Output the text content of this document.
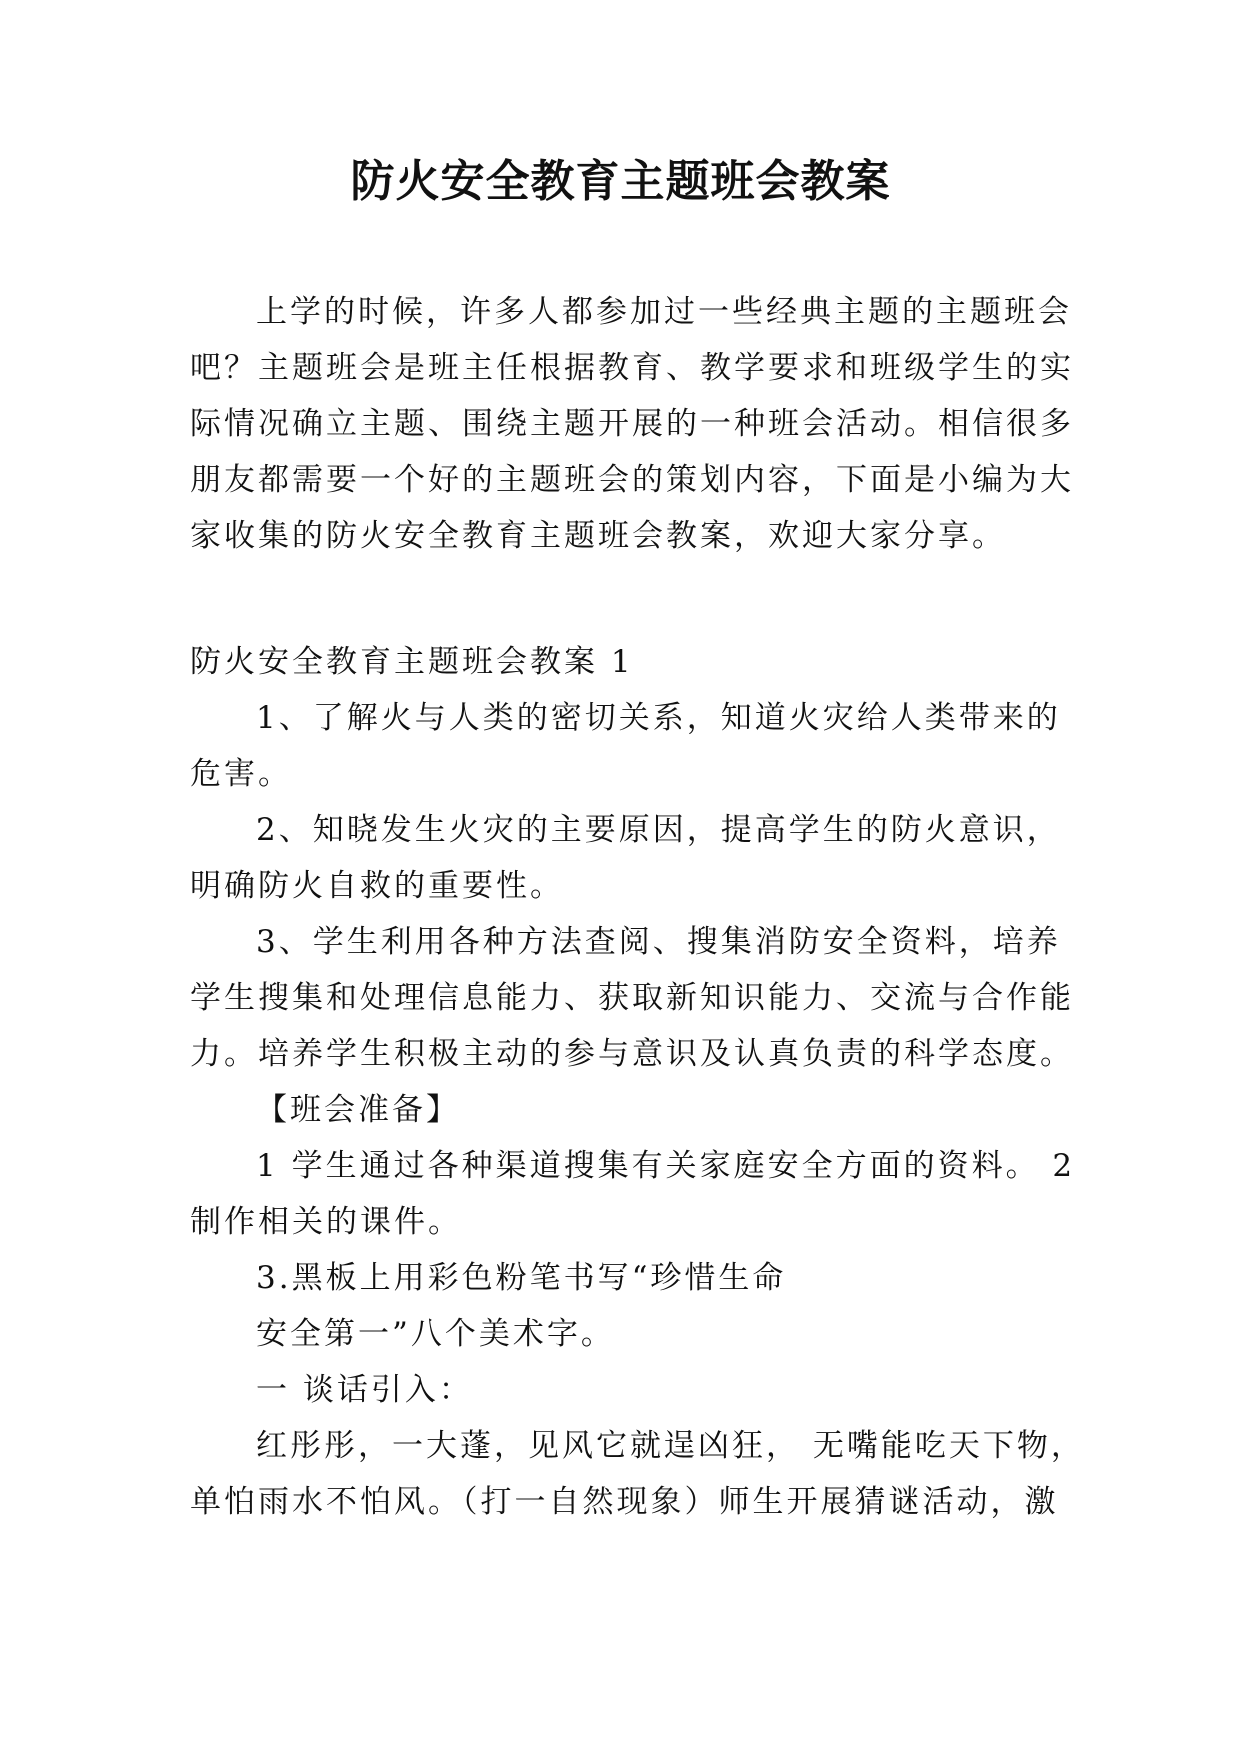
防火安全教育主题班会教案
上学的时候，许多人都参加过一些经典主题的主题班会
吧？主题班会是班主任根据教育、教学要求和班级学生的实
际情况确立主题、围绕主题开展的一种班会活动。相信很多
朋友都需要一个好的主题班会的策划内容，下面是小编为大
家收集的防火安全教育主题班会教案，欢迎大家分享。
防火安全教育主题班会教案 1
1、了解火与人类的密切关系，知道火灾给人类带来的
危害。
2、知晓发生火灾的主要原因，提高学生的防火意识，
明确防火自救的重要性。
3、学生利用各种方法查阅、搜集消防安全资料，培养
学生搜集和处理信息能力、获取新知识能力、交流与合作能
力。培养学生积极主动的参与意识及认真负责的科学态度。
【班会准备】
1 学生通过各种渠道搜集有关家庭安全方面的资料。 2
制作相关的课件。
3.黑板上用彩色粉笔书写“珍惜生命
安全第一”八个美术字。
一 谈话引入：
红彤彤，一大蓬，见风它就逞凶狂， 无嘴能吃天下物，
单怕雨水不怕风。（打一自然现象）师生开展猜谜活动，激
